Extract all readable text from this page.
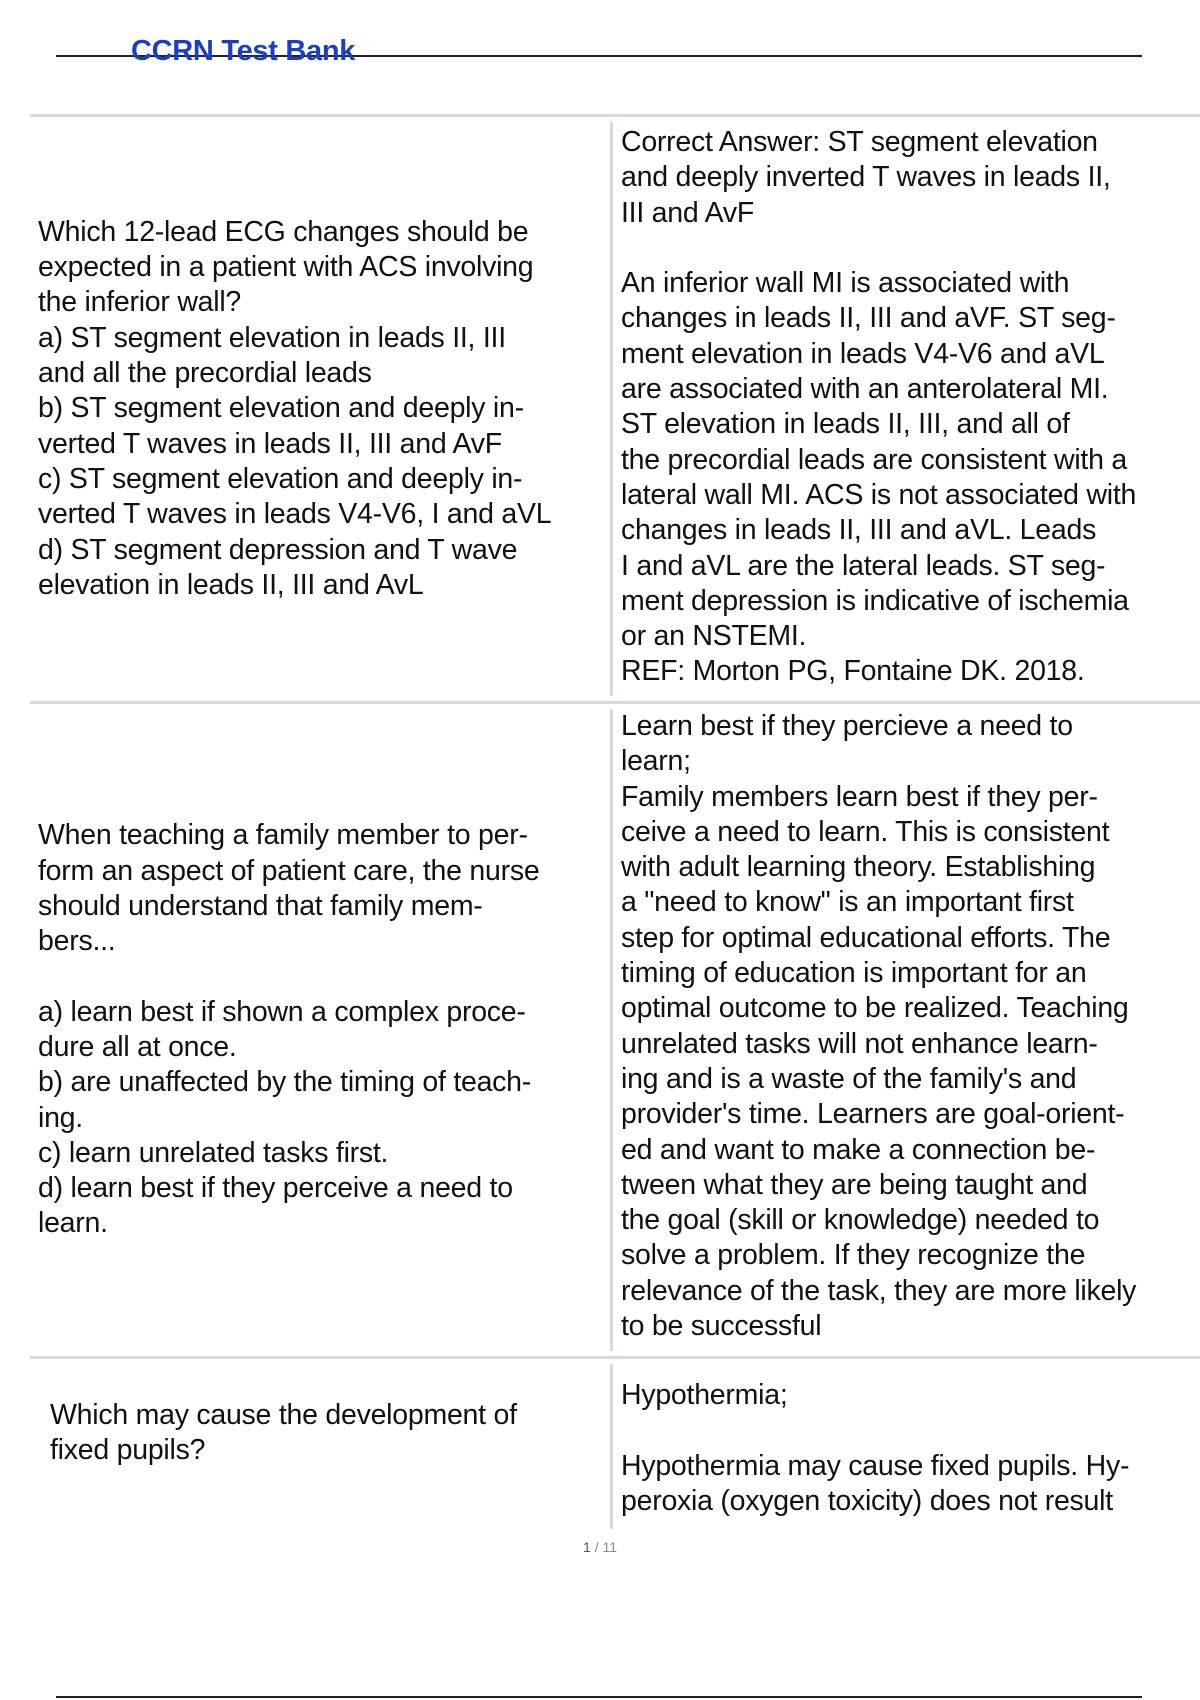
CCRN Test Bank
Which 12-lead ECG changes should be
expected in a patient with ACS involving
the inferior wall?
a) ST segment elevation in leads II, III
and all the precordial leads
b) ST segment elevation and deeply in-
verted T waves in leads II, III and AvF
c) ST segment elevation and deeply in-
verted T waves in leads V4-V6, I and aVL
d) ST segment depression and T wave
elevation in leads II, III and AvL
Correct Answer: ST segment elevation
and deeply inverted T waves in leads II,
III and AvF

An inferior wall MI is associated with
changes in leads II, III and aVF. ST seg-
ment elevation in leads V4-V6 and aVL
are associated with an anterolateral MI.
ST elevation in leads II, III, and all of
the precordial leads are consistent with a
lateral wall MI. ACS is not associated with
changes in leads II, III and aVL. Leads
I and aVL are the lateral leads. ST seg-
ment depression is indicative of ischemia
or an NSTEMI.
REF: Morton PG, Fontaine DK. 2018.
When teaching a family member to per-
form an aspect of patient care, the nurse
should understand that family mem-
bers...

a) learn best if shown a complex proce-
dure all at once.
b) are unaffected by the timing of teach-
ing.
c) learn unrelated tasks first.
d) learn best if they perceive a need to
learn.
Learn best if they percieve a need to
learn;
Family members learn best if they per-
ceive a need to learn. This is consistent
with adult learning theory. Establishing
a "need to know" is an important first
step for optimal educational efforts. The
timing of education is important for an
optimal outcome to be realized. Teaching
unrelated tasks will not enhance learn-
ing and is a waste of the family's and
provider's time. Learners are goal-orient-
ed and want to make a connection be-
tween what they are being taught and
the goal (skill or knowledge) needed to
solve a problem. If they recognize the
relevance of the task, they are more likely
to be successful
Which may cause the development of
fixed pupils?
Hypothermia;

Hypothermia may cause fixed pupils. Hy-
peroxia (oxygen toxicity) does not result
1 / 11
